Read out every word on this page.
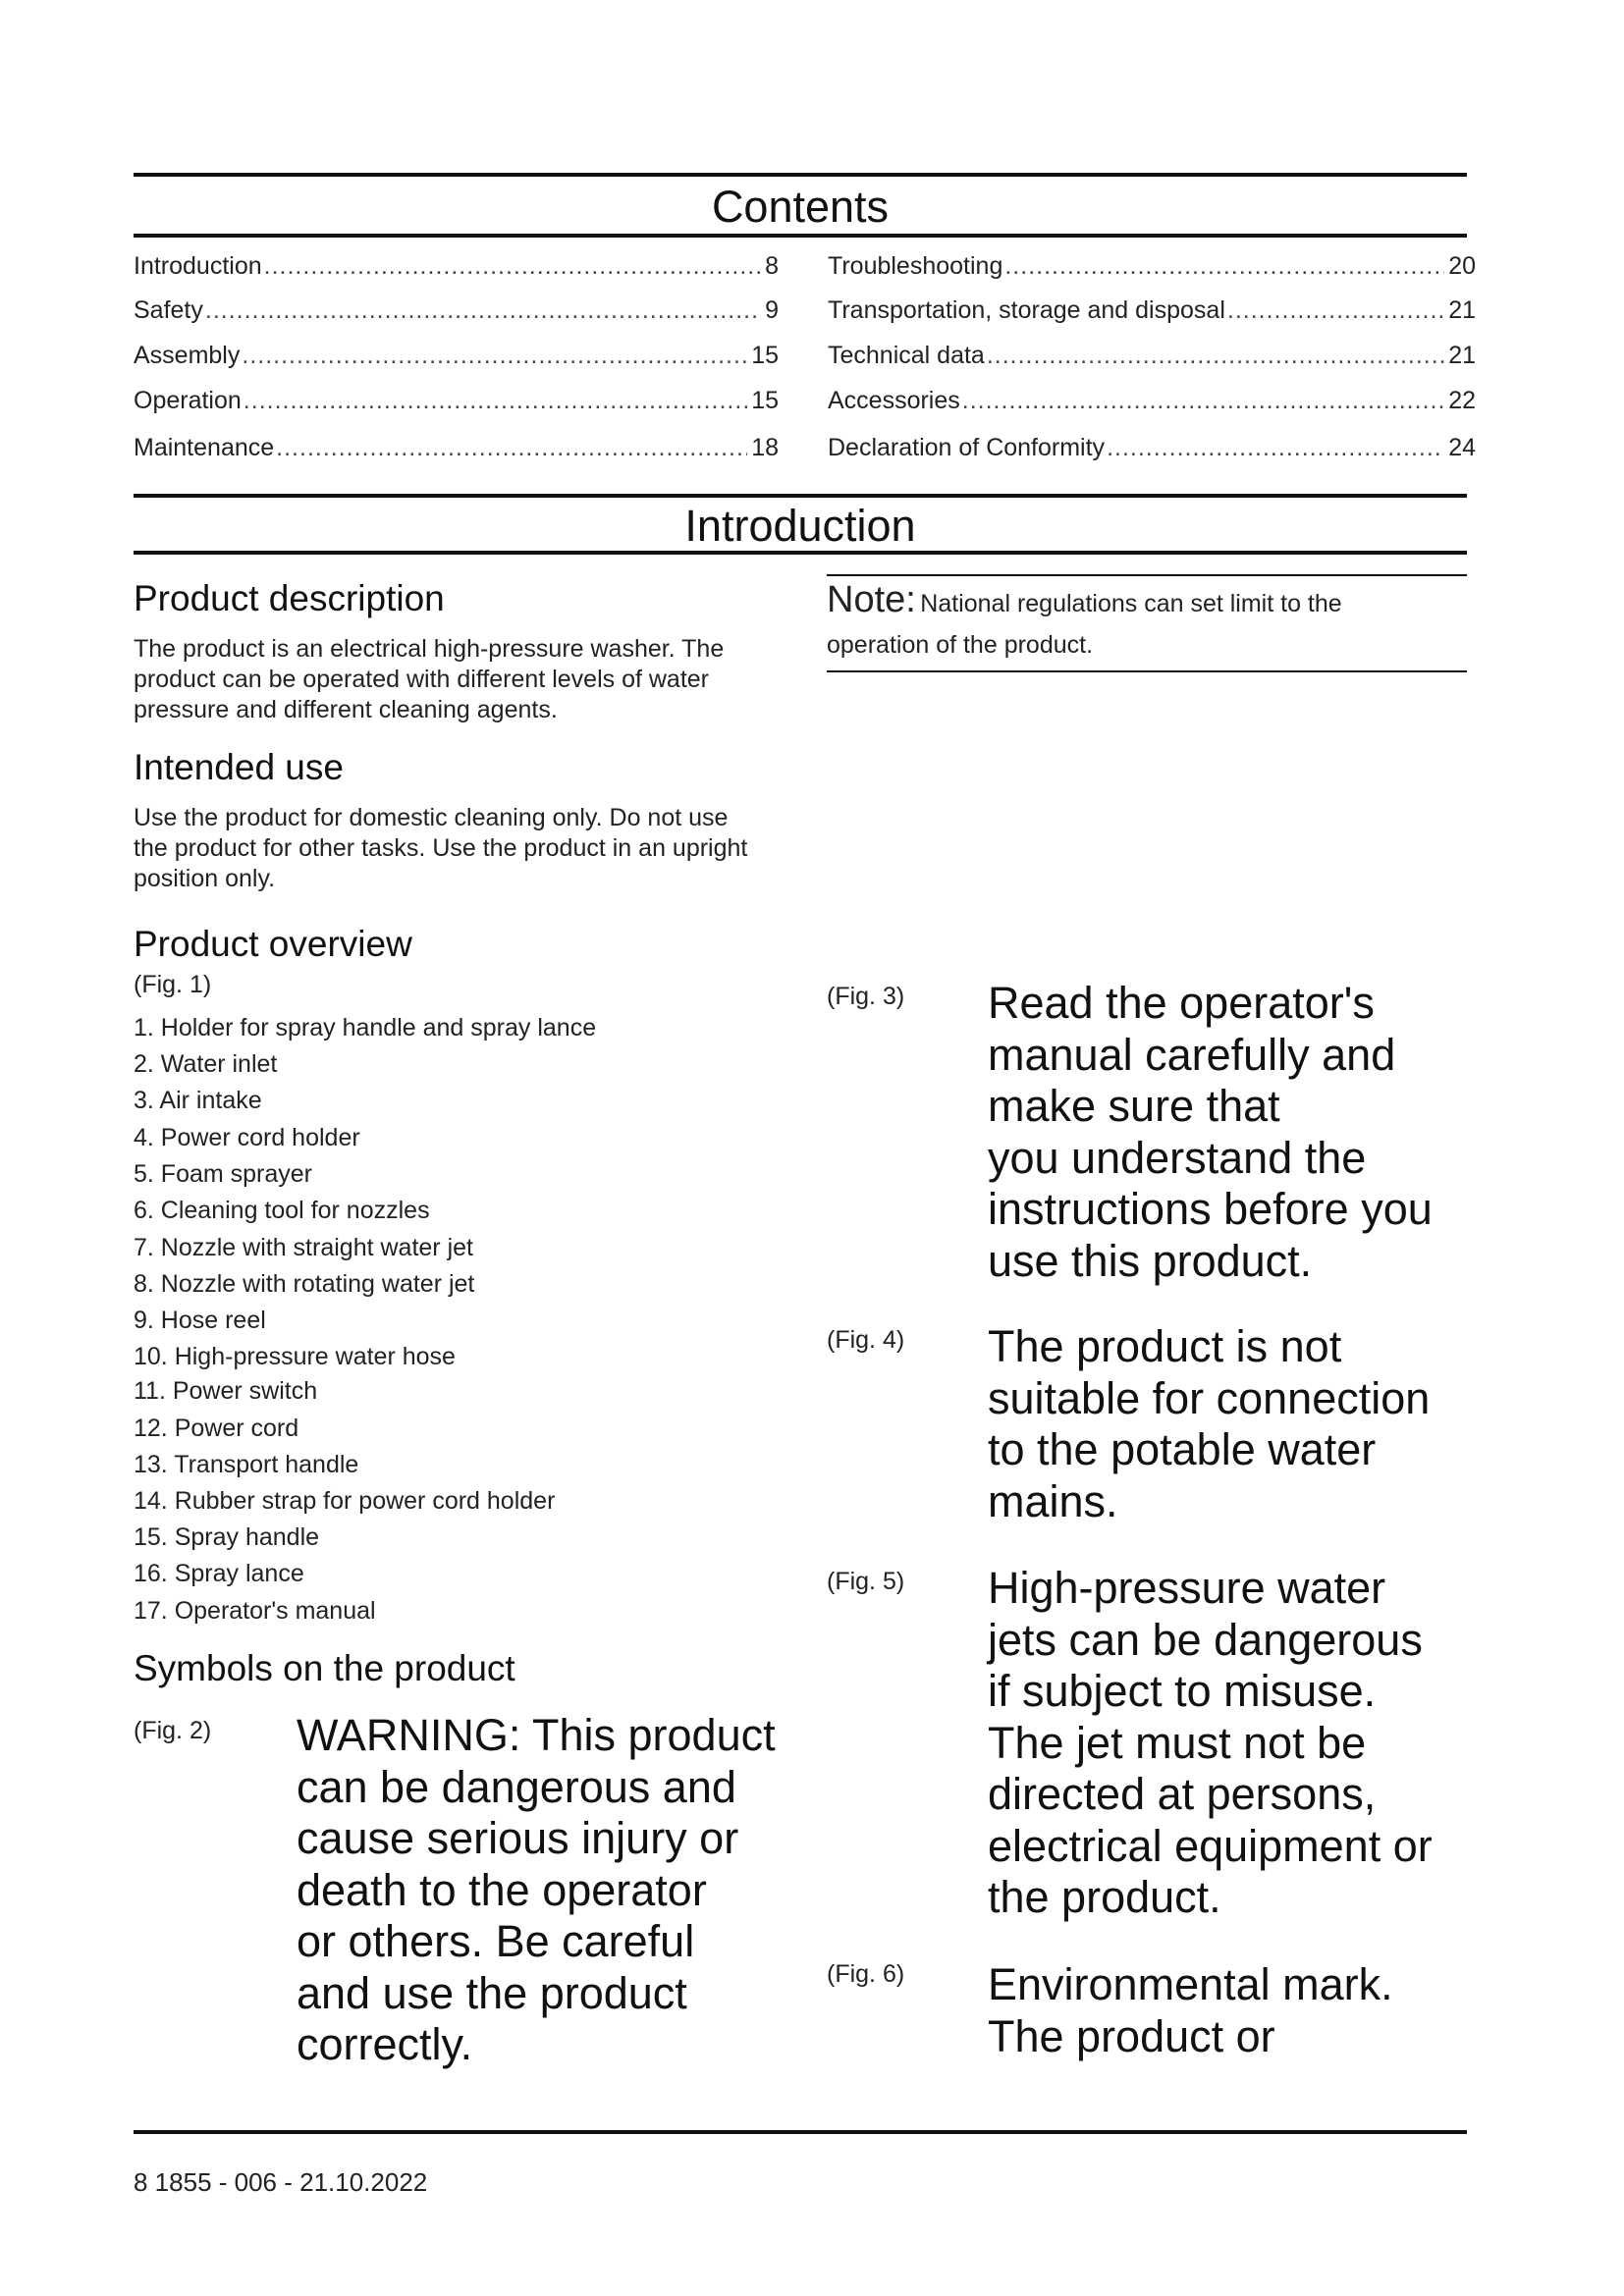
Contents
Introduction .....	8
Safety .....	9
Assembly .....	15
Operation .....	15
Maintenance .....	18
Troubleshooting .....	20
Transportation, storage and disposal .....	21
Technical data .....	21
Accessories .....	22
Declaration of Conformity .....	24
Introduction
Product description
The product is an electrical high-pressure washer. The
product can be operated with different levels of water
pressure and different cleaning agents.
Intended use
Use the product for domestic cleaning only. Do not use
the product for other tasks. Use the product in an upright
position only.
Product overview
(Fig. 1)
1. Holder for spray handle and spray lance
2. Water inlet
3. Air intake
4. Power cord holder
5. Foam sprayer
6. Cleaning tool for nozzles
7. Nozzle with straight water jet
8. Nozzle with rotating water jet
9. Hose reel
10. High-pressure water hose
11. Power switch
12. Power cord
13. Transport handle
14. Rubber strap for power cord holder
15. Spray handle
16. Spray lance
17. Operator's manual
Symbols on the product
(Fig. 2) WARNING: This product
can be dangerous and
cause serious injury or
death to the operator
or others. Be careful
and use the product
correctly.
Note: National regulations can set limit to the
operation of the product.
(Fig. 3) Read the operator's
manual carefully and
make sure that
you understand the
instructions before you
use this product.
(Fig. 4) The product is not
suitable for connection
to the potable water
mains.
(Fig. 5) High-pressure water
jets can be dangerous
if subject to misuse.
The jet must not be
directed at persons,
electrical equipment or
the product.
(Fig. 6) Environmental mark.
The product or
8 1855 - 006 - 21.10.2022
